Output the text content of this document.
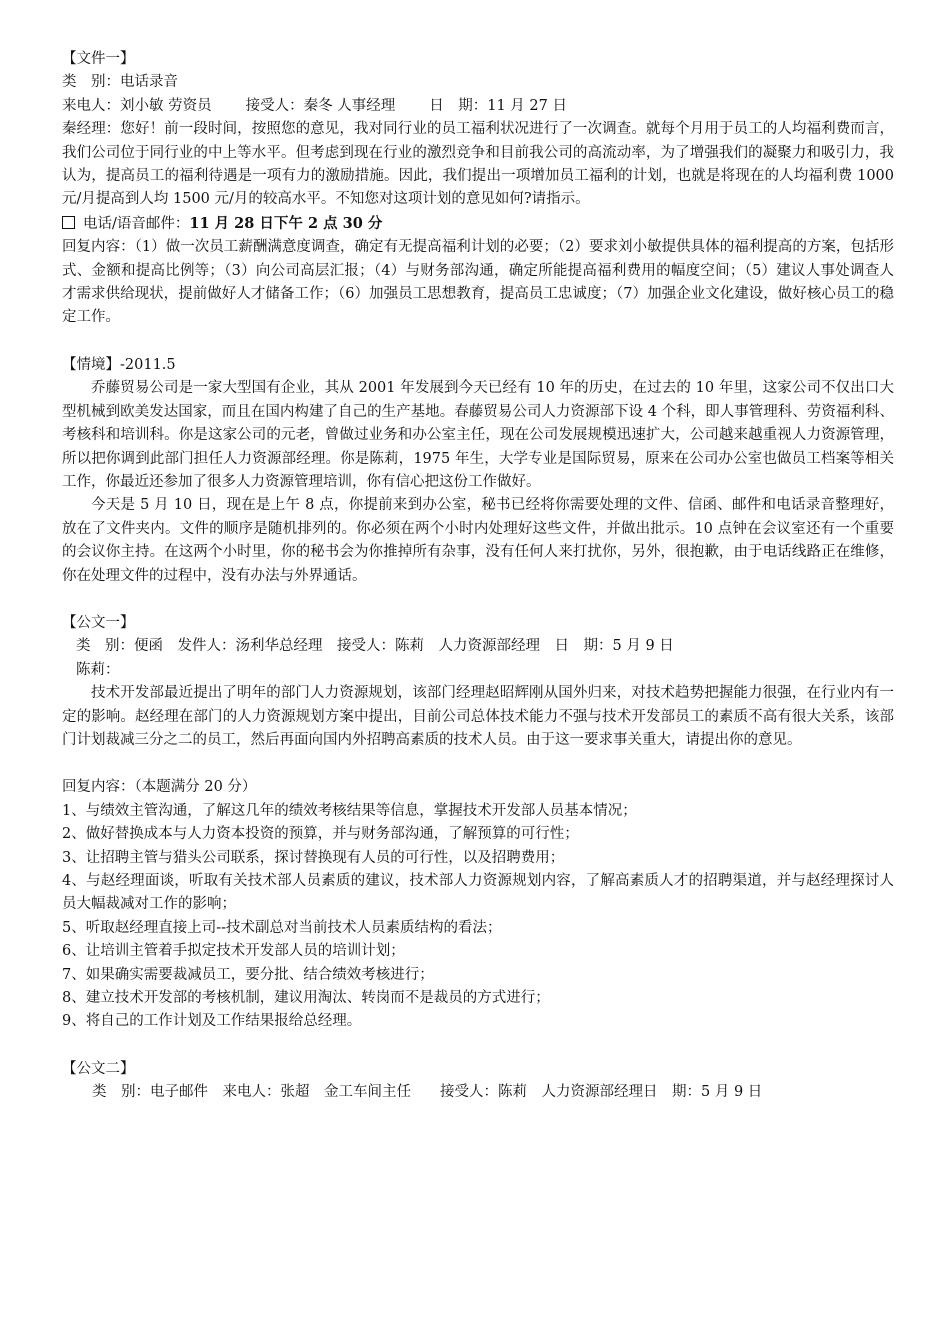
【文件一】

类　别：电话录音

来电人：刘小敏 劳资员 接受人：秦冬 人事经理 日　期：11 月 27 日

秦经理：您好！前一段时间，按照您的意见，我对同行业的员工福利状况进行了一次调查。就每个月用于员工的人均福利费而言，我们公司位于同行业的中上等水平。但考虑到现在行业的激烈竞争和目前我公司的高流动率，为了增强我们的凝聚力和吸引力，我认为，提高员工的福利待遇是一项有力的激励措施。因此，我们提出一项增加员工福利的计划，也就是将现在的人均福利费 1000 元/月提高到人均 1500 元/月的较高水平。不知您对这项计划的意见如何?请指示。

电话/语音邮件：11 月 28 日下午 2 点 30 分

回复内容：（1）做一次员工薪酬满意度调查，确定有无提高福利计划的必要；（2）要求刘小敏提供具体的福利提高的方案，包括形式、金额和提高比例等；（3）向公司高层汇报；（4）与财务部沟通，确定所能提高福利费用的幅度空间；（5）建议人事处调查人才需求供给现状，提前做好人才储备工作；（6）加强员工思想教育，提高员工忠诚度；（7）加强企业文化建设，做好核心员工的稳定工作。

【情境】-2011.5

乔藤贸易公司是一家大型国有企业，其从 2001 年发展到今天已经有 10 年的历史，在过去的 10 年里，这家公司不仅出口大型机械到欧美发达国家，而且在国内构建了自己的生产基地。春藤贸易公司人力资源部下设 4 个科，即人事管理科、劳资福利科、考核科和培训科。你是这家公司的元老，曾做过业务和办公室主任，现在公司发展规模迅速扩大，公司越来越重视人力资源管理，所以把你调到此部门担任人力资源部经理。你是陈莉，1975 年生，大学专业是国际贸易，原来在公司办公室也做员工档案等相关工作，你最近还参加了很多人力资源管理培训，你有信心把这份工作做好。

今天是 5 月 10 日，现在是上午 8 点，你提前来到办公室，秘书已经将你需要处理的文件、信函、邮件和电话录音整理好，放在了文件夹内。文件的顺序是随机排列的。你必须在两个小时内处理好这些文件，并做出批示。10 点钟在会议室还有一个重要的会议你主持。在这两个小时里，你的秘书会为你推掉所有杂事，没有任何人来打扰你，另外，很抱歉，由于电话线路正在维修，你在处理文件的过程中，没有办法与外界通话。

【公文一】

类　别：便函　发件人：汤利华总经理　接受人：陈莉　人力资源部经理　日　期：5 月 9 日

陈莉：

技术开发部最近提出了明年的部门人力资源规划，该部门经理赵昭辉刚从国外归来，对技术趋势把握能力很强，在行业内有一定的影响。赵经理在部门的人力资源规划方案中提出，目前公司总体技术能力不强与技术开发部员工的素质不高有很大关系，该部门计划裁减三分之二的员工，然后再面向国内外招聘高素质的技术人员。由于这一要求事关重大，请提出你的意见。

回复内容：（本题满分 20 分）

1、与绩效主管沟通，了解这几年的绩效考核结果等信息，掌握技术开发部人员基本情况；

2、做好替换成本与人力资本投资的预算，并与财务部沟通，了解预算的可行性；

3、让招聘主管与猎头公司联系，探讨替换现有人员的可行性，以及招聘费用；

4、与赵经理面谈，听取有关技术部人员素质的建议，技术部人力资源规划内容，了解高素质人才的招聘渠道，并与赵经理探讨人员大幅裁减对工作的影响；

5、听取赵经理直接上司--技术副总对当前技术人员素质结构的看法；

6、让培训主管着手拟定技术开发部人员的培训计划；

7、如果确实需要裁减员工，要分批、结合绩效考核进行；

8、建立技术开发部的考核机制，建议用淘汰、转岗而不是裁员的方式进行；

9、将自己的工作计划及工作结果报给总经理。

【公文二】

类　别：电子邮件　来电人：张超　金工车间主任　　接受人：陈莉　人力资源部经理日　期：5 月 9 日
